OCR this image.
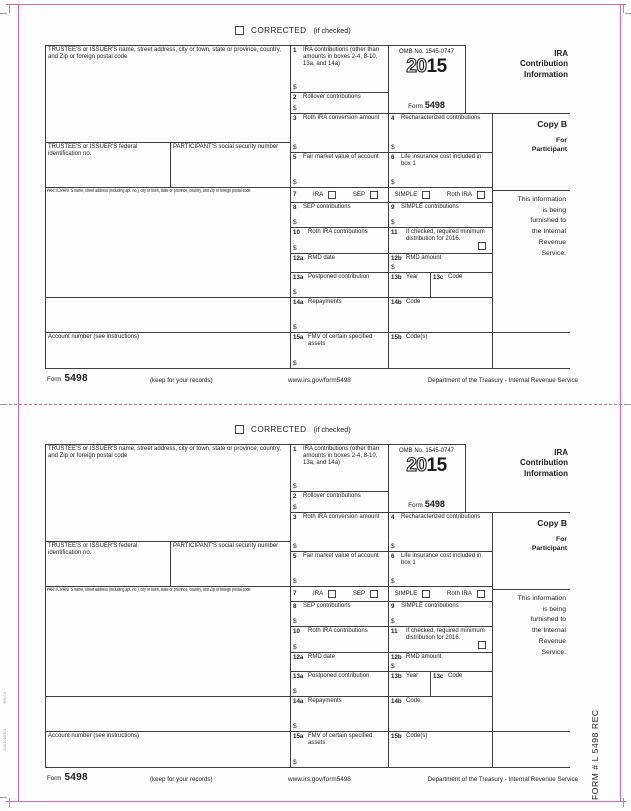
CORRECTED (if checked)
TRUSTEE'S or ISSUER'S name, street address, city or town, state or province, country, and Zip or foreign postal code
TRUSTEE'S or ISSUER'S federal identification no.
PARTICIPANT'S social security number
PARTICIPANT'S name, street address (including apt. no.), city or town, state or province, country, and Zip or foreign postal code
Account number (see instructions)
1 IRA contributions (other than amounts in boxes 2-4, 8-10, 13a, and 14a)
$
2 Rollover contributions
$
OMB No. 1545-0747
2015
Form 5498
IRA
Contribution
Information
3 Roth IRA conversion amount
$
4 Recharacterized contributions
$
Copy B
For
Participant
5 Fair market value of account
$
6 Life insurance cost included in box 1
$
7	IRA	SEP	SIMPLE	Roth IRA
This information
is being
furnished to
the Internal
Revenue
Service.
8 SEP contributions
$
9 SIMPLE contributions
$
10 Roth IRA contributions
$
11 If checked, required minimum distribution for 2016.
12a RMD date	12b RMD amount
$
13a Postponed contribution
$
13b Year	13c Code
14a Repayments
$
14b Code
15a FMV of certain specified assets
$
15b Code(s)
Form 5498	(keep for your records)	www.irs.gov/form5498	Department of the Treasury - Internal Revenue Service
CORRECTED (if checked)
TRUSTEE'S or ISSUER'S name, street address, city or town, state or province, country, and Zip or foreign postal code
TRUSTEE'S or ISSUER'S federal identification no.
PARTICIPANT'S social security number
PARTICIPANT'S name, street address (including apt. no.), city or town, state or province, country, and Zip or foreign postal code
Account number (see instructions)
1 IRA contributions (other than amounts in boxes 2-4, 8-10, 13a, and 14a)
$
2 Rollover contributions
$
OMB No. 1545-0747
2015
Form 5498
IRA
Contribution
Information
3 Roth IRA conversion amount
$
4 Recharacterized contributions
$
Copy B
For
Participant
5 Fair market value of account
$
6 Life insurance cost included in box 1
$
7	IRA	SEP	SIMPLE	Roth IRA
This information
is being
furnished to
the Internal
Revenue
Service.
8 SEP contributions
$
9 SIMPLE contributions
$
10 Roth IRA contributions
$
11 If checked, required minimum distribution for 2016.
12a RMD date	12b RMD amount
$
13a Postponed contribution
$
13b Year	13c Code
14a Repayments
$
14b Code
15a FMV of certain specified assets
$
15b Code(s)
Form 5498	(keep for your records)	www.irs.gov/form5498	Department of the Treasury - Internal Revenue Service FORM # L 5498 REC
VRL04
0403080301
